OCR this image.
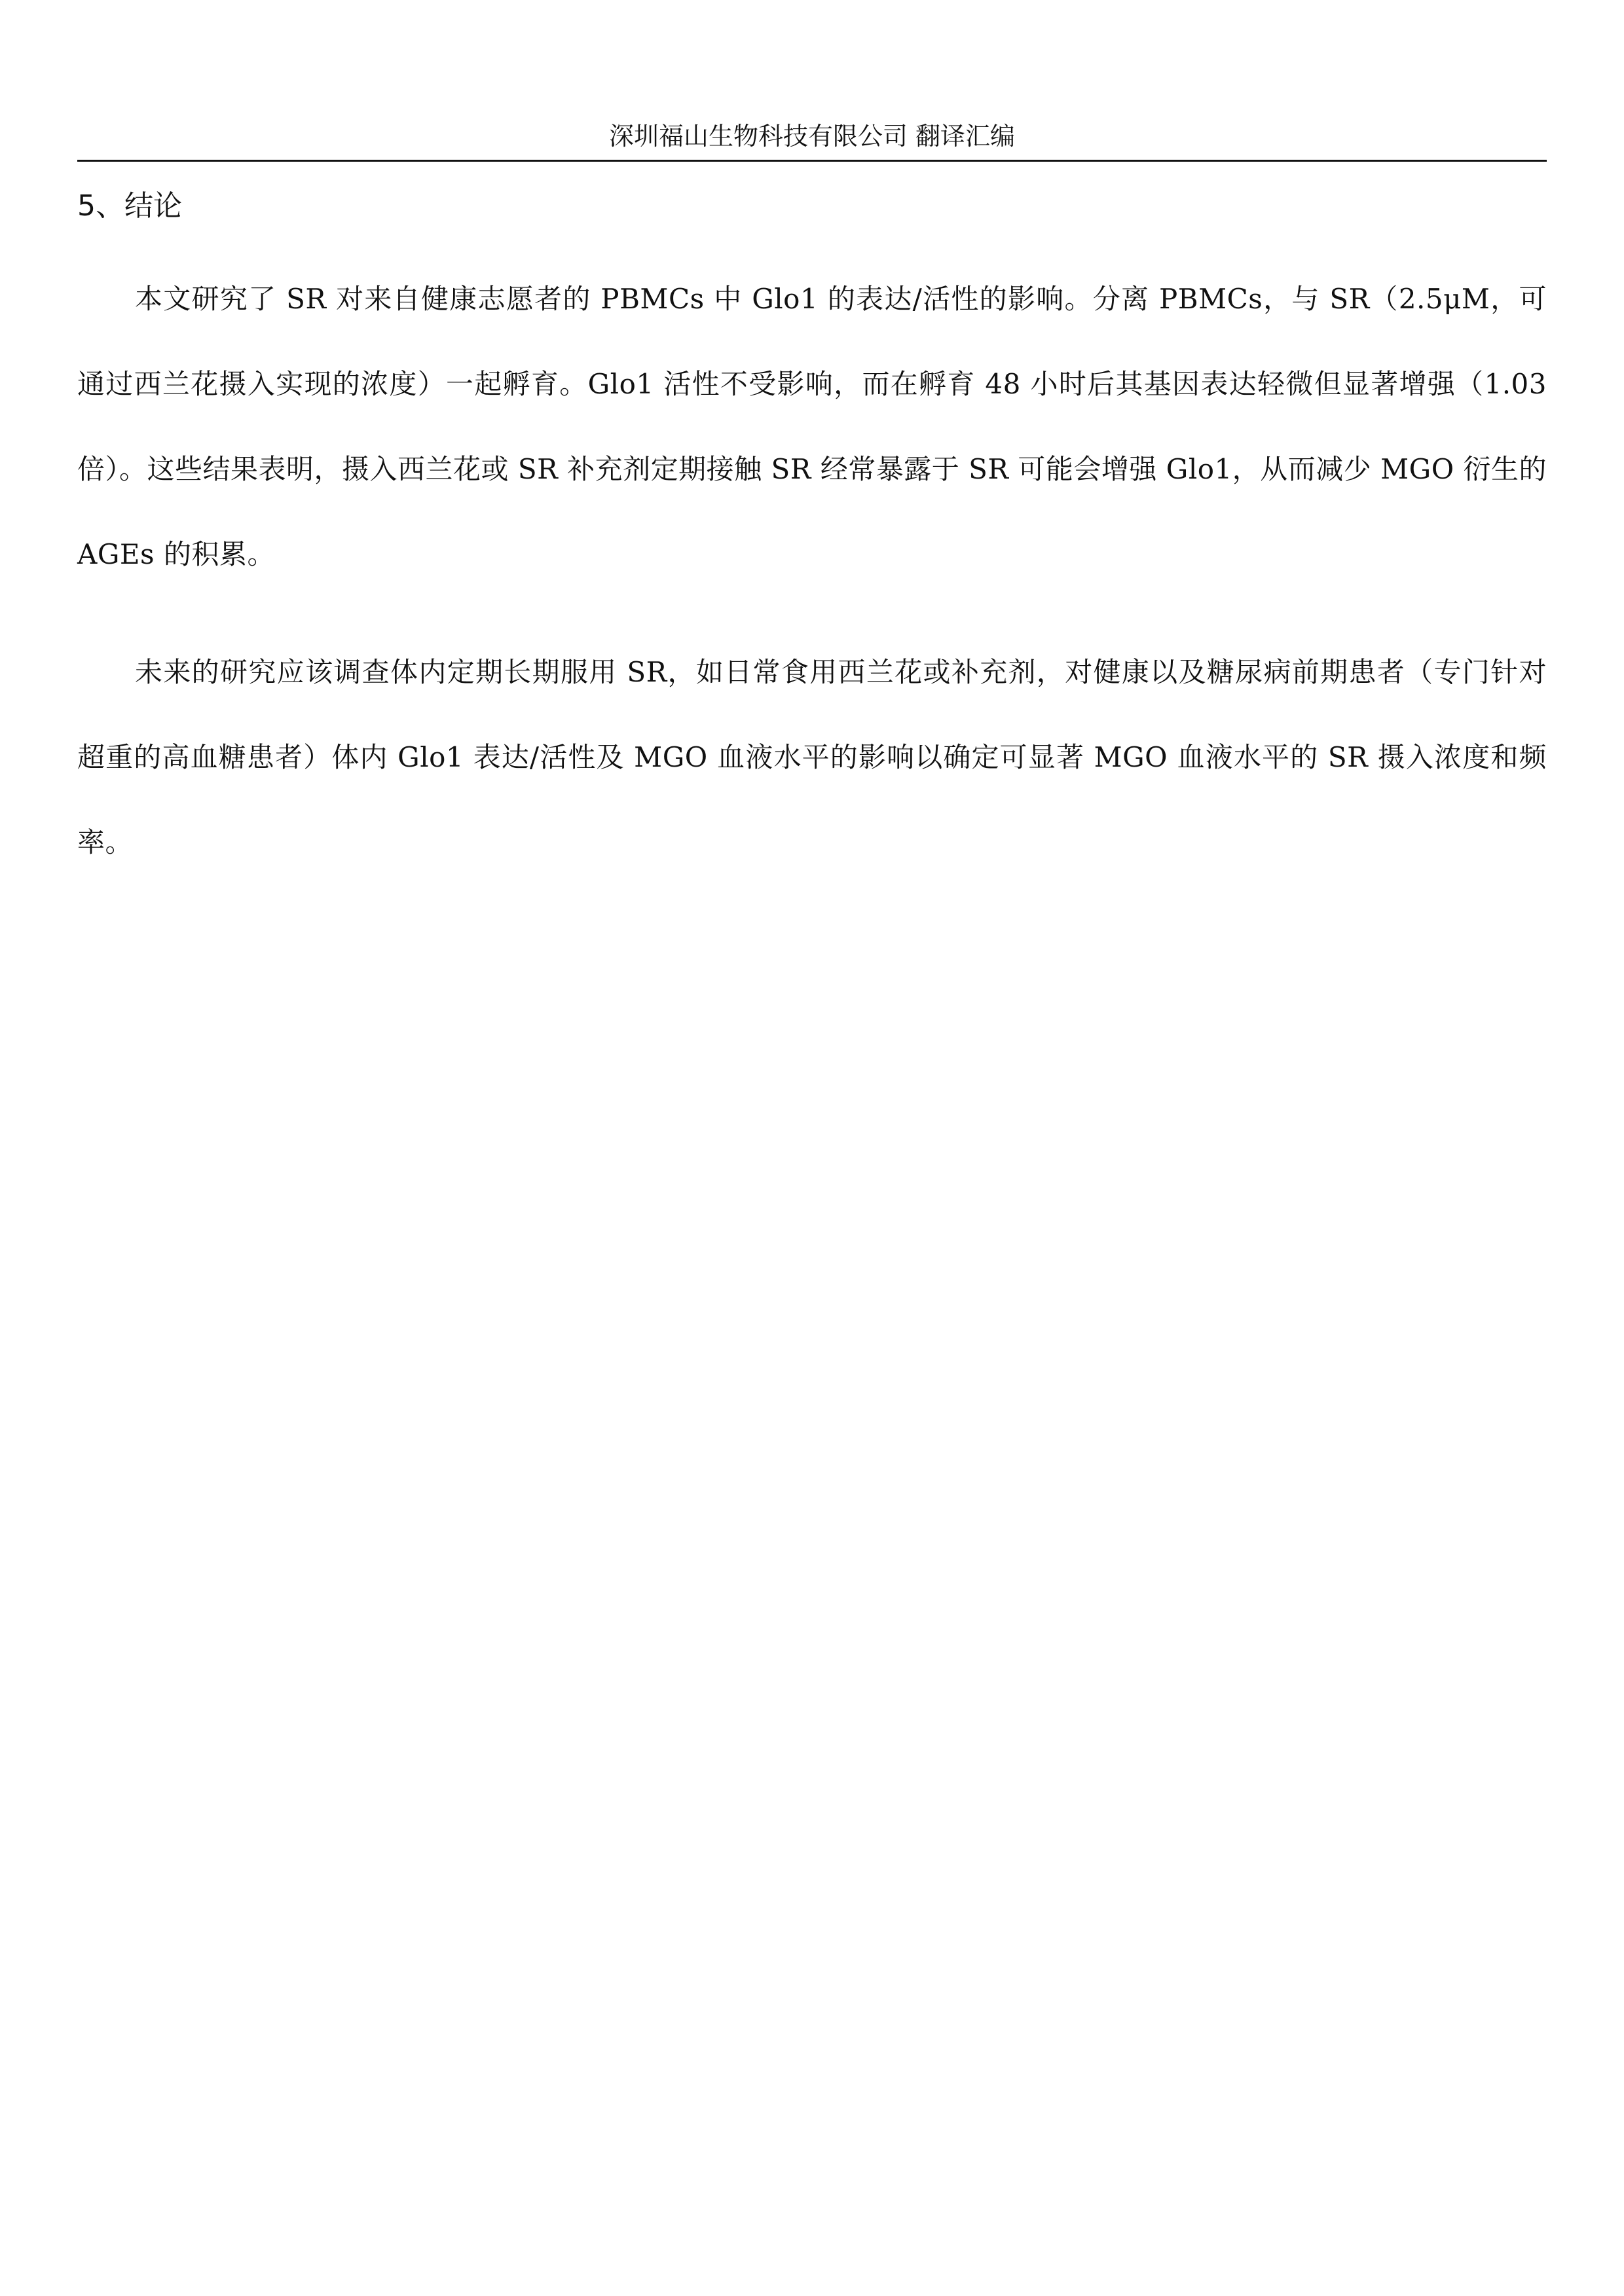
深圳福山生物科技有限公司 翻译汇编
5、结论

本文研究了 SR 对来自健康志愿者的 PBMCs 中 Glo1 的表达/活性的影响。分离 PBMCs，与 SR（2.5μM，可通过西兰花摄入实现的浓度）一起孵育。Glo1 活性不受影响，而在孵育 48 小时后其基因表达轻微但显著增强（1.03 倍）。这些结果表明，摄入西兰花或 SR 补充剂定期接触 SR 经常暴露于 SR 可能会增强 Glo1，从而减少 MGO 衍生的 AGEs 的积累。

未来的研究应该调查体内定期长期服用 SR，如日常食用西兰花或补充剂，对健康以及糖尿病前期患者（专门针对超重的高血糖患者）体内 Glo1 表达/活性及 MGO 血液水平的影响以确定可显著 MGO 血液水平的 SR 摄入浓度和频率。
